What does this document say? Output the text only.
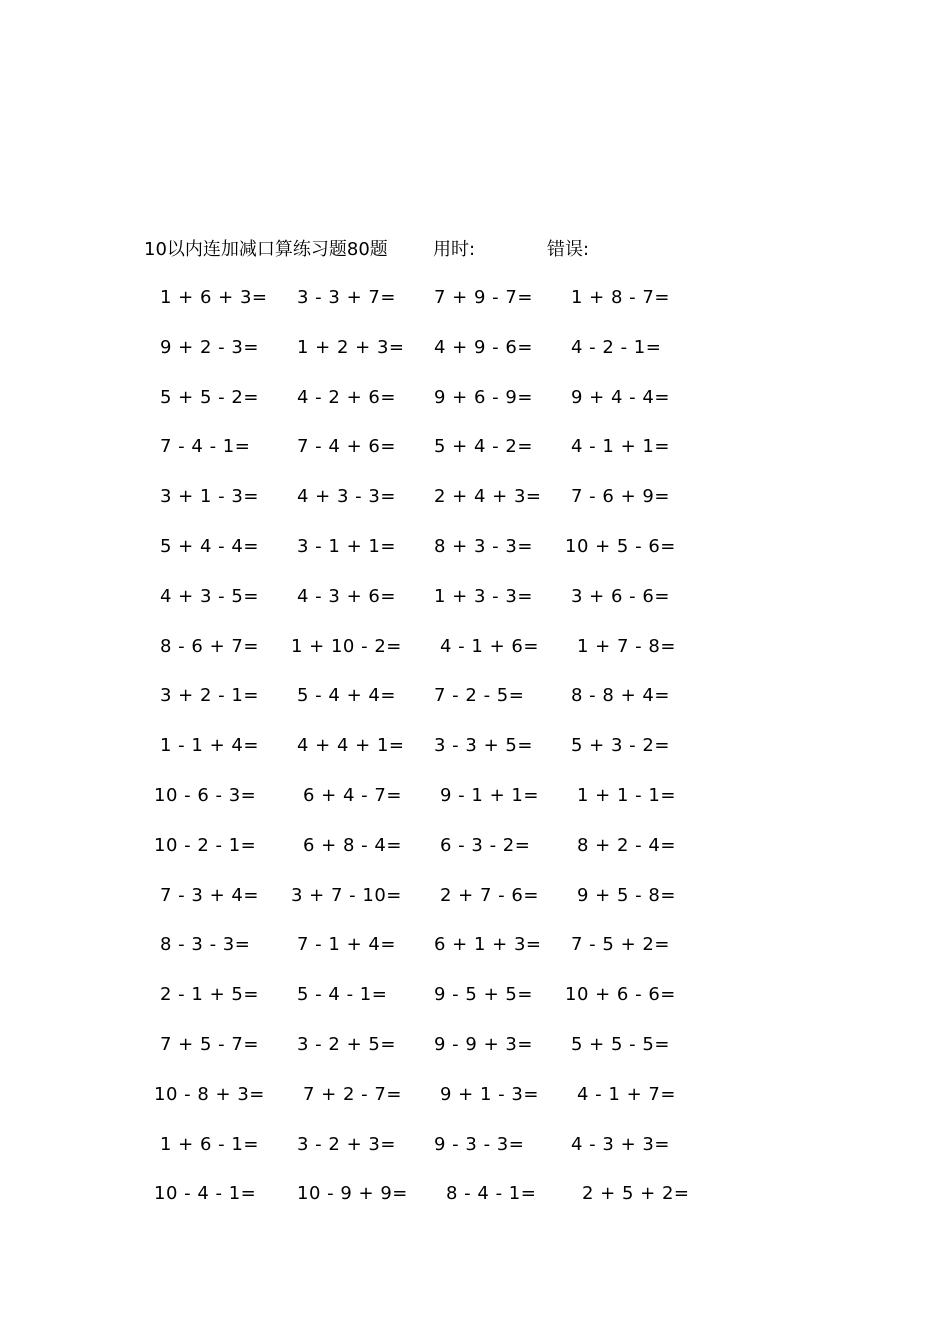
10以内连加减口算练习题80题	用时:	错误:
1 + 6 + 3= 3 - 3 + 7= 7 + 9 - 7= 1 + 8 - 7=
9 + 2 - 3= 1 + 2 + 3= 4 + 9 - 6= 4 - 2 - 1=
5 + 5 - 2= 4 - 2 + 6= 9 + 6 - 9= 9 + 4 - 4=
7 - 4 - 1=	7 - 4 + 6= 5 + 4 - 2= 4 - 1 + 1=
3 + 1 - 3= 4 + 3 - 3= 2 + 4 + 3= 7 - 6 + 9=
5 + 4 - 4= 3 - 1 + 1= 8 + 3 - 3= 10 + 5 - 6=
4 + 3 - 5= 4 - 3 + 6= 1 + 3 - 3= 3 + 6 - 6=
8 - 6 + 7= 1 + 10 - 2= 4 - 1 + 6= 1 + 7 - 8=
3 + 2 - 1= 5 - 4 + 4= 7 - 2 - 5=	8 - 8 + 4=
1 - 1 + 4= 4 + 4 + 1= 3 - 3 + 5= 5 + 3 - 2=
10 - 6 - 3=	6 + 4 - 7= 9 - 1 + 1= 1 + 1 - 1=
10 - 2 - 1=	6 + 8 - 4= 6 - 3 - 2=	8 + 2 - 4=
7 - 3 + 4= 3 + 7 - 10= 2 + 7 - 6= 9 + 5 - 8=
8 - 3 - 3=	7 - 1 + 4= 6 + 1 + 3= 7 - 5 + 2=
2 - 1 + 5= 5 - 4 - 1=	9 - 5 + 5= 10 + 6 - 6=
7 + 5 - 7= 3 - 2 + 5= 9 - 9 + 3= 5 + 5 - 5=
10 - 8 + 3= 7 + 2 - 7= 9 + 1 - 3= 4 - 1 + 7=
1 + 6 - 1= 3 - 2 + 3= 9 - 3 - 3=	4 - 3 + 3=
10 - 4 - 1= 10 - 9 + 9= 8 - 4 - 1=	2 + 5 + 2=
